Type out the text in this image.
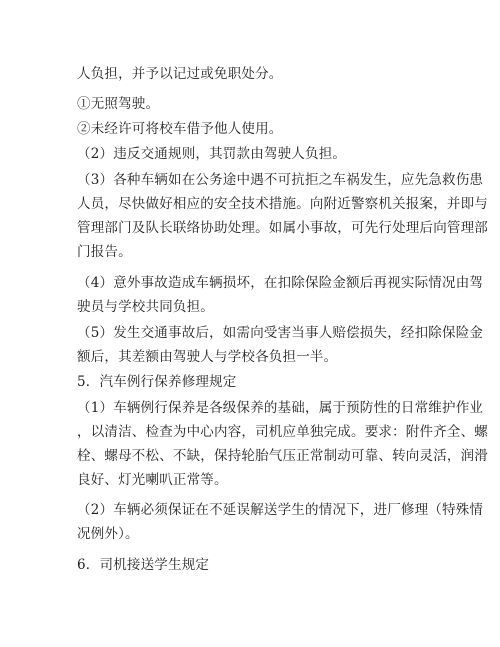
人负担，并予以记过或免职处分。
①无照驾驶。
②未经许可将校车借予他人使用。
（2）违反交通规则，其罚款由驾驶人负担。
（3）各种车辆如在公务途中遇不可抗拒之车祸发生，应先急救伤患
人员，尽快做好相应的安全技术措施。向附近警察机关报案，并即与
管理部门及队长联络协助处理。如属小事故，可先行处理后向管理部
门报告。
（4）意外事故造成车辆损坏，在扣除保险金额后再视实际情况由驾
驶员与学校共同负担。
（5）发生交通事故后，如需向受害当事人赔偿损失，经扣除保险金
额后，其差额由驾驶人与学校各负担一半。
5．汽车例行保养修理规定
（1）车辆例行保养是各级保养的基础，属于预防性的日常维护作业
，以清洁、检查为中心内容，司机应单独完成。要求：附件齐全、螺
栓、螺母不松、不缺，保持轮胎气压正常制动可靠、转向灵活，润滑
良好、灯光喇叭正常等。
（2）车辆必须保证在不延误解送学生的情况下，进厂修理（特殊情
况例外）。
6．司机接送学生规定
